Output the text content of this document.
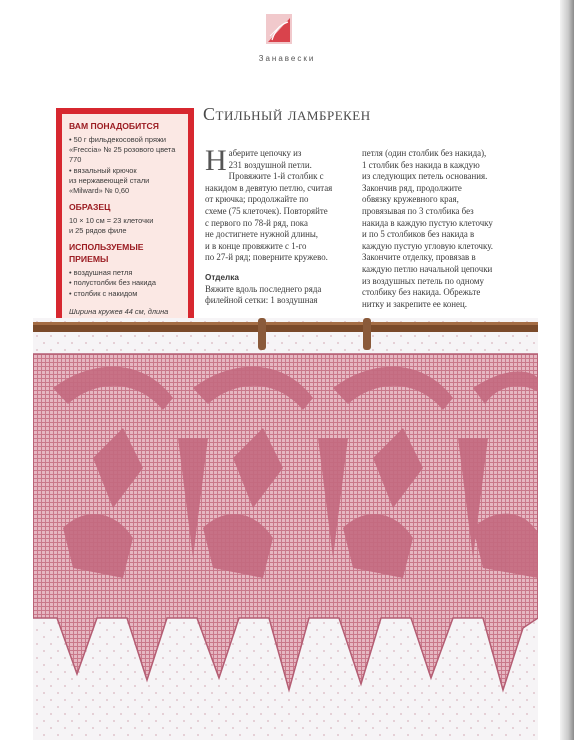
Занавески
Стильный ламбрекен
ВАМ ПОНАДОБИТСЯ
• 50 г фильдекосовой пряжи
«Freccia» № 25 розового цвета
770
• вязальный крючок
из нержавеющей стали
«Milward» № 0,60
ОБРАЗЕЦ
10 × 10 см = 23 клеточки
и 25 рядов филе
ИСПОЛЬЗУЕМЫЕ ПРИЕМЫ
• воздушная петля
• полустолбик без накида
• столбик с накидом
Ширина кружев 44 см, длина
Н аберите цепочку из
231 воздушной петли.
Провяжите 1-й столбик с
накидом в девятую петлю, считая
от крючка; продолжайте по
схеме (75 клеточек). Повторяйте
с первого по 78-й ряд, пока
не достигнете нужной длины,
и в конце провяжите с 1-го
по 27-й ряд; поверните кружево.
Отделка
Вяжите вдоль последнего ряда
филейной сетки: 1 воздушная
петля (один столбик без накида),
1 столбик без накида в каждую
из следующих петель основания.
Закончив ряд, продолжите
обвязку кружевного края,
провязывая по 3 столбика без
накида в каждую пустую клеточку
и по 5 столбиков без накида в
каждую пустую угловую клеточку.
Закончите отделку, провязав в
каждую петлю начальной цепочки
из воздушных петель по одному
столбику без накида. Обрежьте
нитку и закрепите ее конец.
